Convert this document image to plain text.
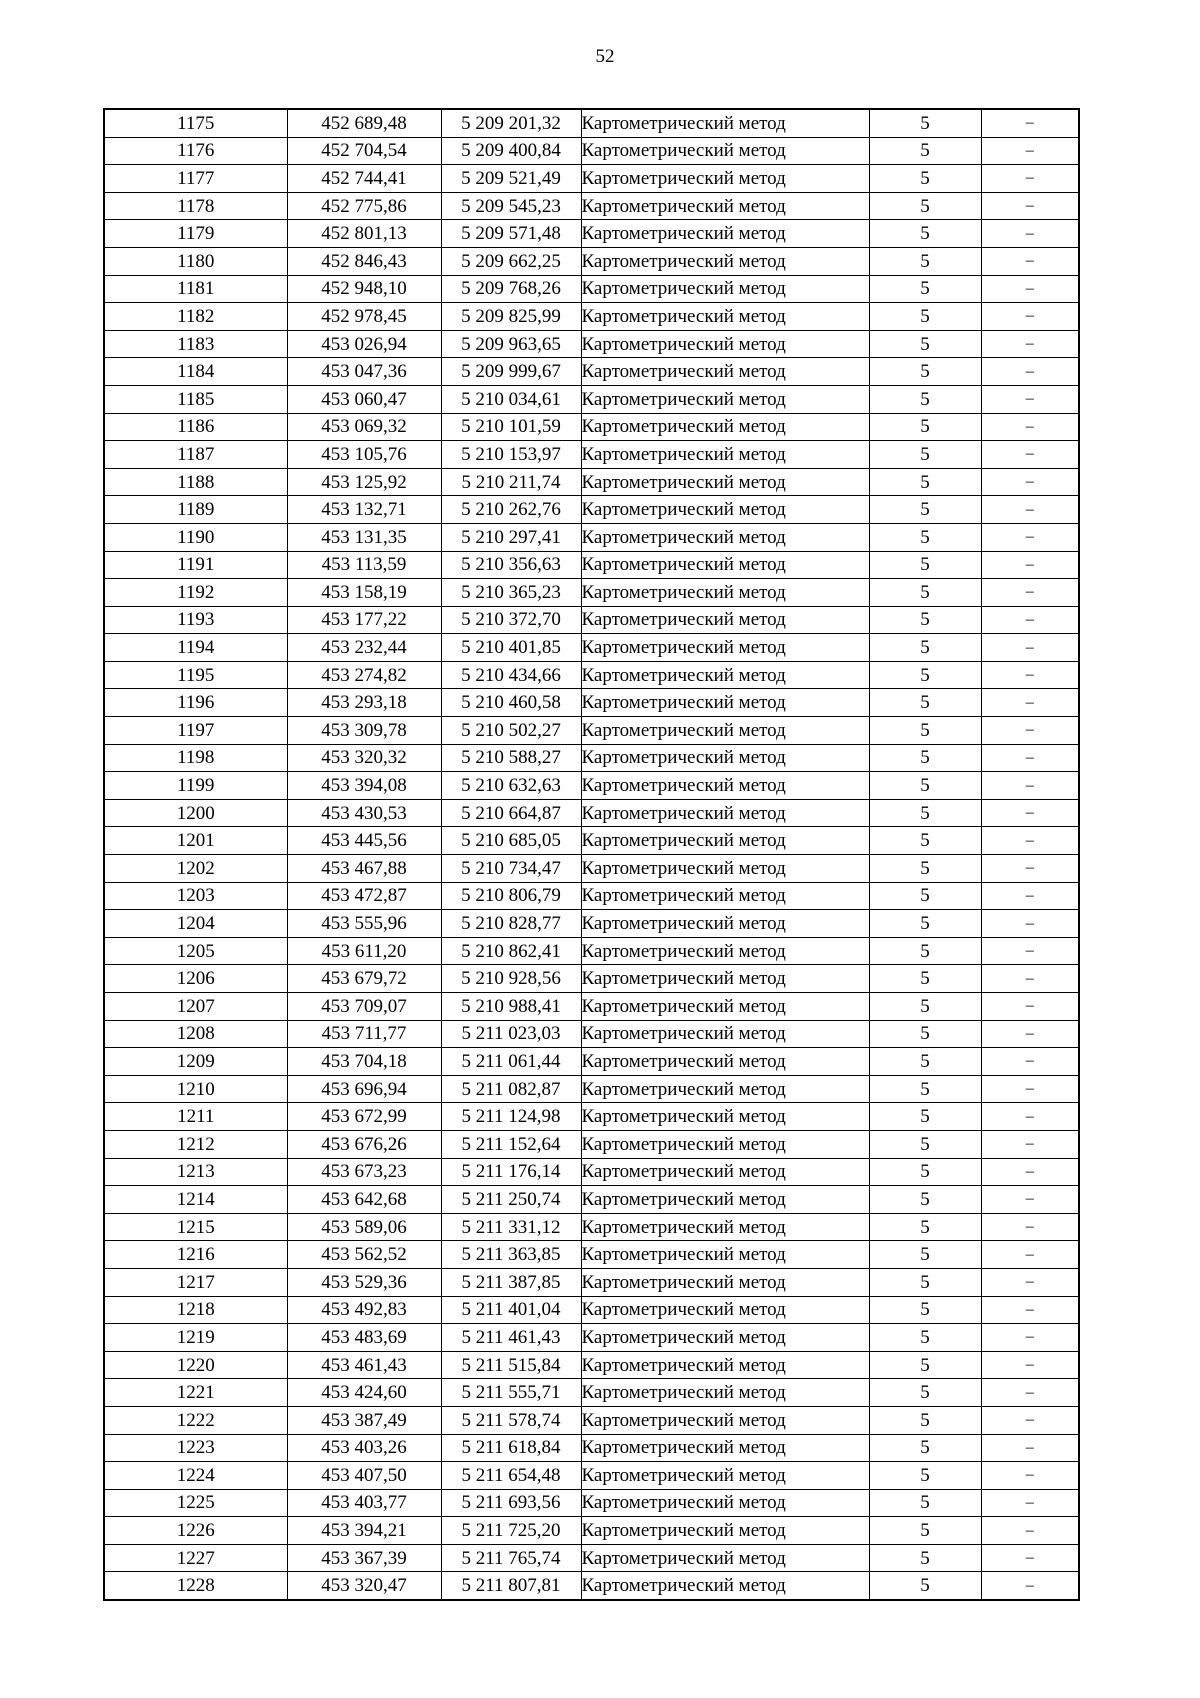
52
1175	452 689,48	5 209 201,32	Картометрический метод	5	–
1176	452 704,54	5 209 400,84	Картометрический метод	5	–
1177	452 744,41	5 209 521,49	Картометрический метод	5	–
1178	452 775,86	5 209 545,23	Картометрический метод	5	–
1179	452 801,13	5 209 571,48	Картометрический метод	5	–
1180	452 846,43	5 209 662,25	Картометрический метод	5	–
1181	452 948,10	5 209 768,26	Картометрический метод	5	–
1182	452 978,45	5 209 825,99	Картометрический метод	5	–
1183	453 026,94	5 209 963,65	Картометрический метод	5	–
1184	453 047,36	5 209 999,67	Картометрический метод	5	–
1185	453 060,47	5 210 034,61	Картометрический метод	5	–
1186	453 069,32	5 210 101,59	Картометрический метод	5	–
1187	453 105,76	5 210 153,97	Картометрический метод	5	–
1188	453 125,92	5 210 211,74	Картометрический метод	5	–
1189	453 132,71	5 210 262,76	Картометрический метод	5	–
1190	453 131,35	5 210 297,41	Картометрический метод	5	–
1191	453 113,59	5 210 356,63	Картометрический метод	5	–
1192	453 158,19	5 210 365,23	Картометрический метод	5	–
1193	453 177,22	5 210 372,70	Картометрический метод	5	–
1194	453 232,44	5 210 401,85	Картометрический метод	5	–
1195	453 274,82	5 210 434,66	Картометрический метод	5	–
1196	453 293,18	5 210 460,58	Картометрический метод	5	–
1197	453 309,78	5 210 502,27	Картометрический метод	5	–
1198	453 320,32	5 210 588,27	Картометрический метод	5	–
1199	453 394,08	5 210 632,63	Картометрический метод	5	–
1200	453 430,53	5 210 664,87	Картометрический метод	5	–
1201	453 445,56	5 210 685,05	Картометрический метод	5	–
1202	453 467,88	5 210 734,47	Картометрический метод	5	–
1203	453 472,87	5 210 806,79	Картометрический метод	5	–
1204	453 555,96	5 210 828,77	Картометрический метод	5	–
1205	453 611,20	5 210 862,41	Картометрический метод	5	–
1206	453 679,72	5 210 928,56	Картометрический метод	5	–
1207	453 709,07	5 210 988,41	Картометрический метод	5	–
1208	453 711,77	5 211 023,03	Картометрический метод	5	–
1209	453 704,18	5 211 061,44	Картометрический метод	5	–
1210	453 696,94	5 211 082,87	Картометрический метод	5	–
1211	453 672,99	5 211 124,98	Картометрический метод	5	–
1212	453 676,26	5 211 152,64	Картометрический метод	5	–
1213	453 673,23	5 211 176,14	Картометрический метод	5	–
1214	453 642,68	5 211 250,74	Картометрический метод	5	–
1215	453 589,06	5 211 331,12	Картометрический метод	5	–
1216	453 562,52	5 211 363,85	Картометрический метод	5	–
1217	453 529,36	5 211 387,85	Картометрический метод	5	–
1218	453 492,83	5 211 401,04	Картометрический метод	5	–
1219	453 483,69	5 211 461,43	Картометрический метод	5	–
1220	453 461,43	5 211 515,84	Картометрический метод	5	–
1221	453 424,60	5 211 555,71	Картометрический метод	5	–
1222	453 387,49	5 211 578,74	Картометрический метод	5	–
1223	453 403,26	5 211 618,84	Картометрический метод	5	–
1224	453 407,50	5 211 654,48	Картометрический метод	5	–
1225	453 403,77	5 211 693,56	Картометрический метод	5	–
1226	453 394,21	5 211 725,20	Картометрический метод	5	–
1227	453 367,39	5 211 765,74	Картометрический метод	5	–
1228	453 320,47	5 211 807,81	Картометрический метод	5	–
